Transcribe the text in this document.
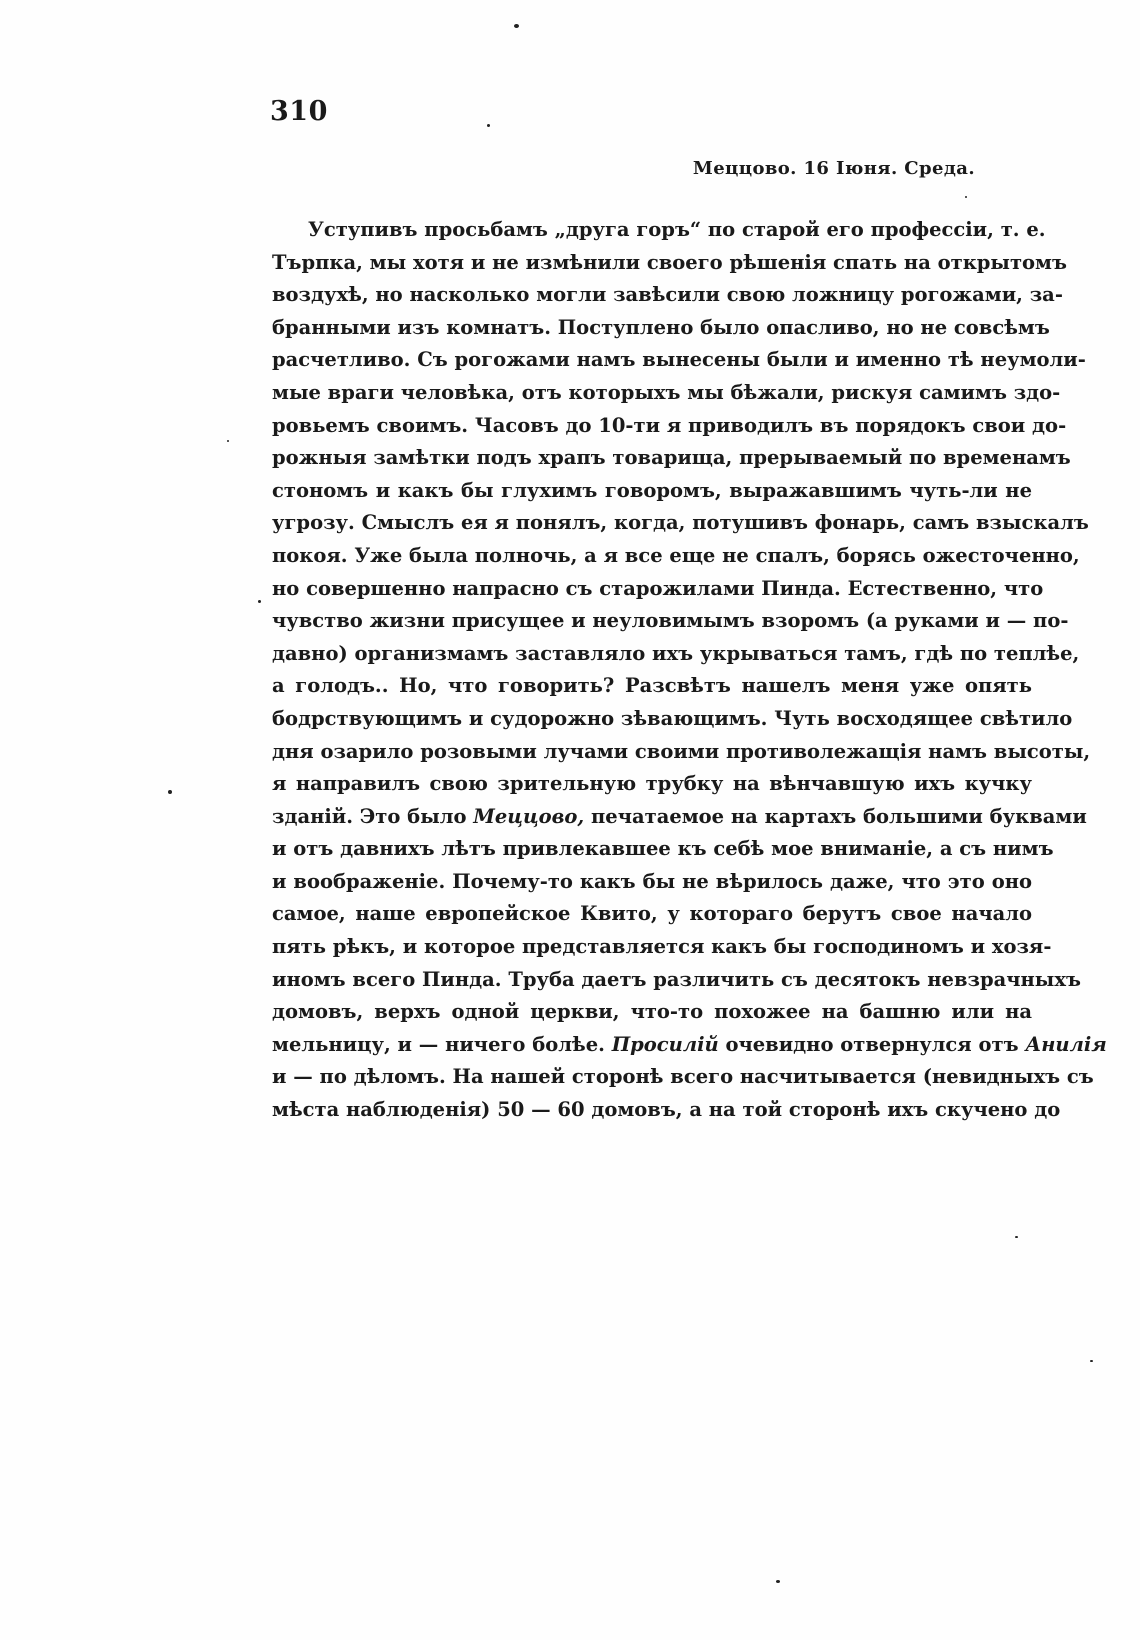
310
Меццово. 16 Іюня. Среда.
Уступивъ просьбамъ „друга горъ“ по старой его профессіи, т. е.
Търпка, мы хотя и не измѣнили своего рѣшенія спать на открытомъ
воздухѣ, но насколько могли завѣсили свою ложницу рогожами, за-
бранными изъ комнатъ. Поступлено было опасливо, но не совсѣмъ
расчетливо. Съ рогожами намъ вынесены были и именно тѣ неумоли-
мые враги человѣка, отъ которыхъ мы бѣжали, рискуя самимъ здо-
ровьемъ своимъ. Часовъ до 10-ти я приводилъ въ порядокъ свои до-
рожныя замѣтки подъ храпъ товарища, прерываемый по временамъ
стономъ и какъ бы глухимъ говоромъ, выражавшимъ чуть-ли не
угрозу. Смыслъ ея я понялъ, когда, потушивъ фонарь, самъ взыскалъ
покоя. Уже была полночь, а я все еще не спалъ, борясь ожесточенно,
но совершенно напрасно съ старожилами Пинда. Естественно, что
чувство жизни присущее и неуловимымъ взоромъ (а руками и — по-
давно) организмамъ заставляло ихъ укрываться тамъ, гдѣ по теплѣе,
а голодъ.. Но, что говорить? Разсвѣтъ нашелъ меня уже опять
бодрствующимъ и судорожно зѣвающимъ. Чуть восходящее свѣтило
дня озарило розовыми лучами своими противолежащія намъ высоты,
я направилъ свою зрительную трубку на вѣнчавшую ихъ кучку
зданій. Это было Меццово, печатаемое на картахъ большими буквами
и отъ давнихъ лѣтъ привлекавшее къ себѣ мое вниманіе, а съ нимъ
и воображеніе. Почему-то какъ бы не вѣрилось даже, что это оно
самое, наше европейское Квито, у котораго берутъ свое начало
пять рѣкъ, и которое представляется какъ бы господиномъ и хозя-
иномъ всего Пинда. Труба даетъ различить съ десятокъ невзрачныхъ
домовъ, верхъ одной церкви, что-то похожее на башню или на
мельницу, и — ничего болѣе. Просилій очевидно отвернулся отъ Анилія
и — по дѣломъ. На нашей сторонѣ всего насчитывается (невидныхъ съ
мѣста наблюденія) 50 — 60 домовъ, а на той сторонѣ ихъ скучено до
